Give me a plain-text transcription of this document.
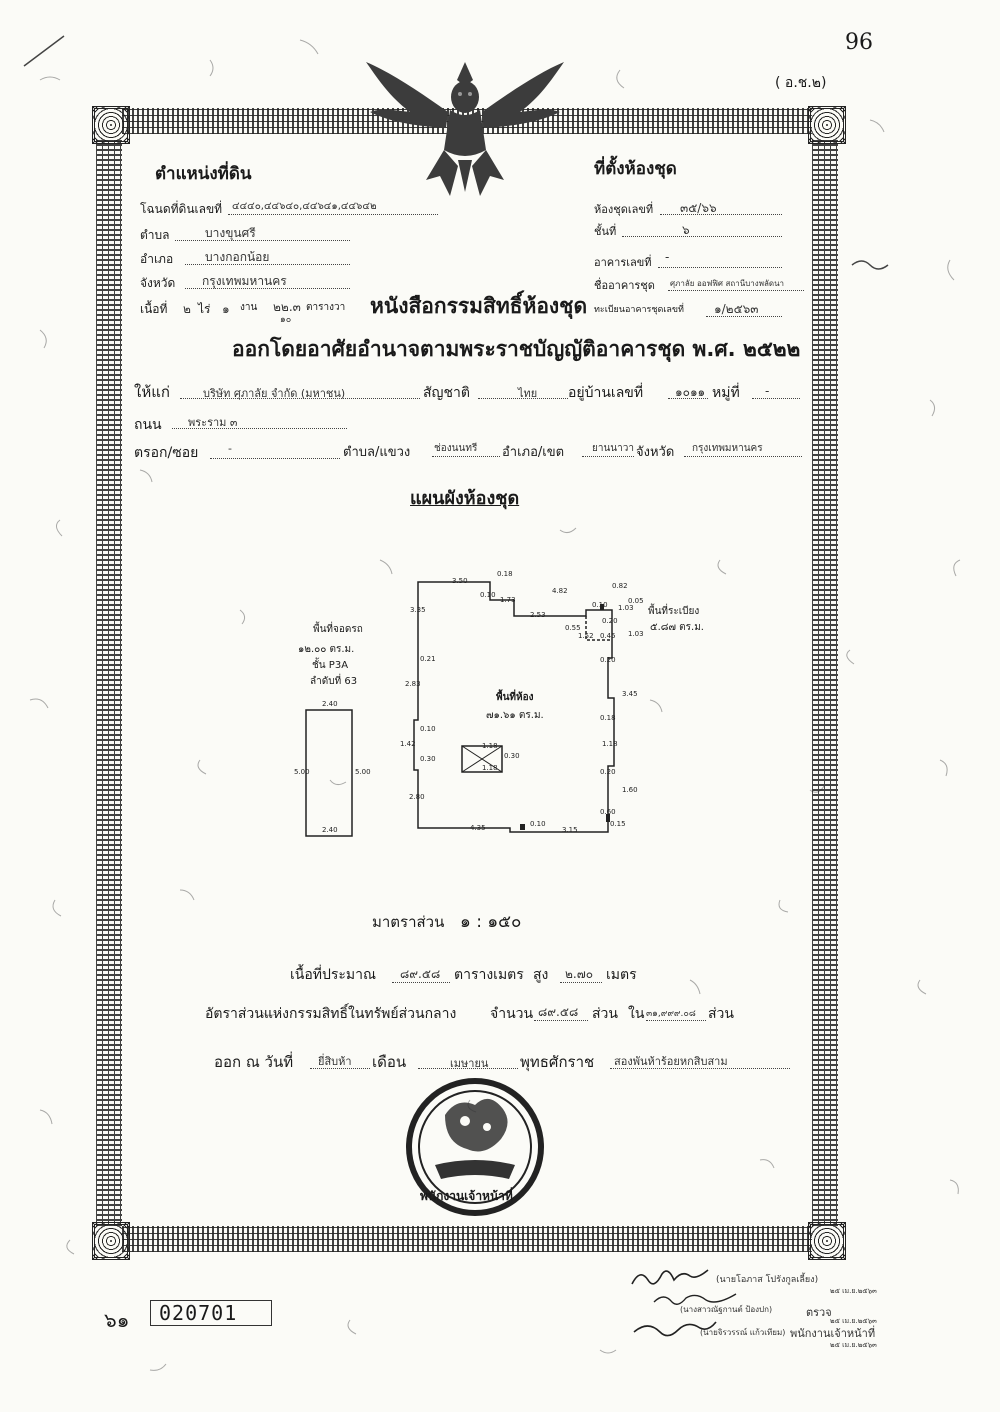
96
( อ.ช.๒)
ตำแหน่งที่ดิน
โฉนดที่ดินเลขที่ ๔๔๔๐,๔๔๖๔๐,๔๔๖๔๑,๔๔๖๔๒
ตำบล	บางขุนศรี
อำเภอ	บางกอกน้อย
จังหวัด กรุงเทพมหานคร
เนื้อที่ ๒ ไร่ ๑ งาน ๒๒.๓
๑๐
ตารางวา
ที่ตั้งห้องชุด
ห้องชุดเลขที่ ๓๕/๖๖
ชั้นที่	๖
อาคารเลขที่ -
ชื่ออาคารชุด ศุภาลัย ออฟฟิศ สถานีบางพลัดนา
ทะเบียนอาคารชุดเลขที่	๑/๒๕๖๓
หนังสือกรรมสิทธิ์ห้องชุด
ออกโดยอาศัยอำนาจตามพระราชบัญญัติอาคารชุด พ.ศ. ๒๕๒๒
ให้แก่	บริษัท ศุภาลัย จำกัด (มหาชน)	สัญชาติ	ไทย อยู่บ้านเลขที่	๑๐๑๑ หมู่ที่ -
ถนน พระราม ๓
ตรอก/ซอย	-	ตำบล/แขวง ช่องนนทรี อำเภอ/เขต	ยานนาวา จังหวัด กรุงเทพมหานคร
แผนผังห้องชุด
พื้นที่จอดรถ
๑๒.๐๐ ตร.ม.
ชั้น P3A
ลำดับที่ 63
พื้นที่ระเบียง
๕.๘๗ ตร.ม.
2.40
2.40
5.00	5.00
3.50
0.18
0.10
1.73
4.82
2.53
0.55
0.10	0.05
1.03
0.82
0.20
0.45
1.52	1.03
3.35
0.21
2.83
0.10
1.42
0.30
2.80
0.20
3.45
0.18
1.18
0.20
1.60
0.60
0.15
4.35	0.10
3.15
1.18
1.18
0.30
พื้นที่ห้อง
๗๑.๖๑ ตร.ม.
มาตราส่วน ๑ : ๑๕๐
เนื้อที่ประมาณ ๘๙.๕๘ ตารางเมตร สูง ๒.๗๐ เมตร
อัตราส่วนแห่งกรรมสิทธิ์ในทรัพย์ส่วนกลาง จำนวน ๘๙.๕๘ ส่วน ใน ๓๑,๙๙๙.๐๘ ส่วน
ออก ณ วันที่ ยี่สิบห้า เดือน	เมษายน พุทธศักราช สองพันห้าร้อยหกสิบสาม
พนักงานเจ้าหน้าที่
๖๑ 020701
(นายโอภาส โปรังกูลเลี้ยง)
๒๕ เม.ย.๒๕๖๓
(นางสาวณัฐกานต์ ป้องปก)	ตรวจ
๒๕ เม.ย.๒๕๖๓
(นายจิรวรรณ์ แก้วเทียม) พนักงานเจ้าหน้าที่
๒๕ เม.ย.๒๕๖๓
